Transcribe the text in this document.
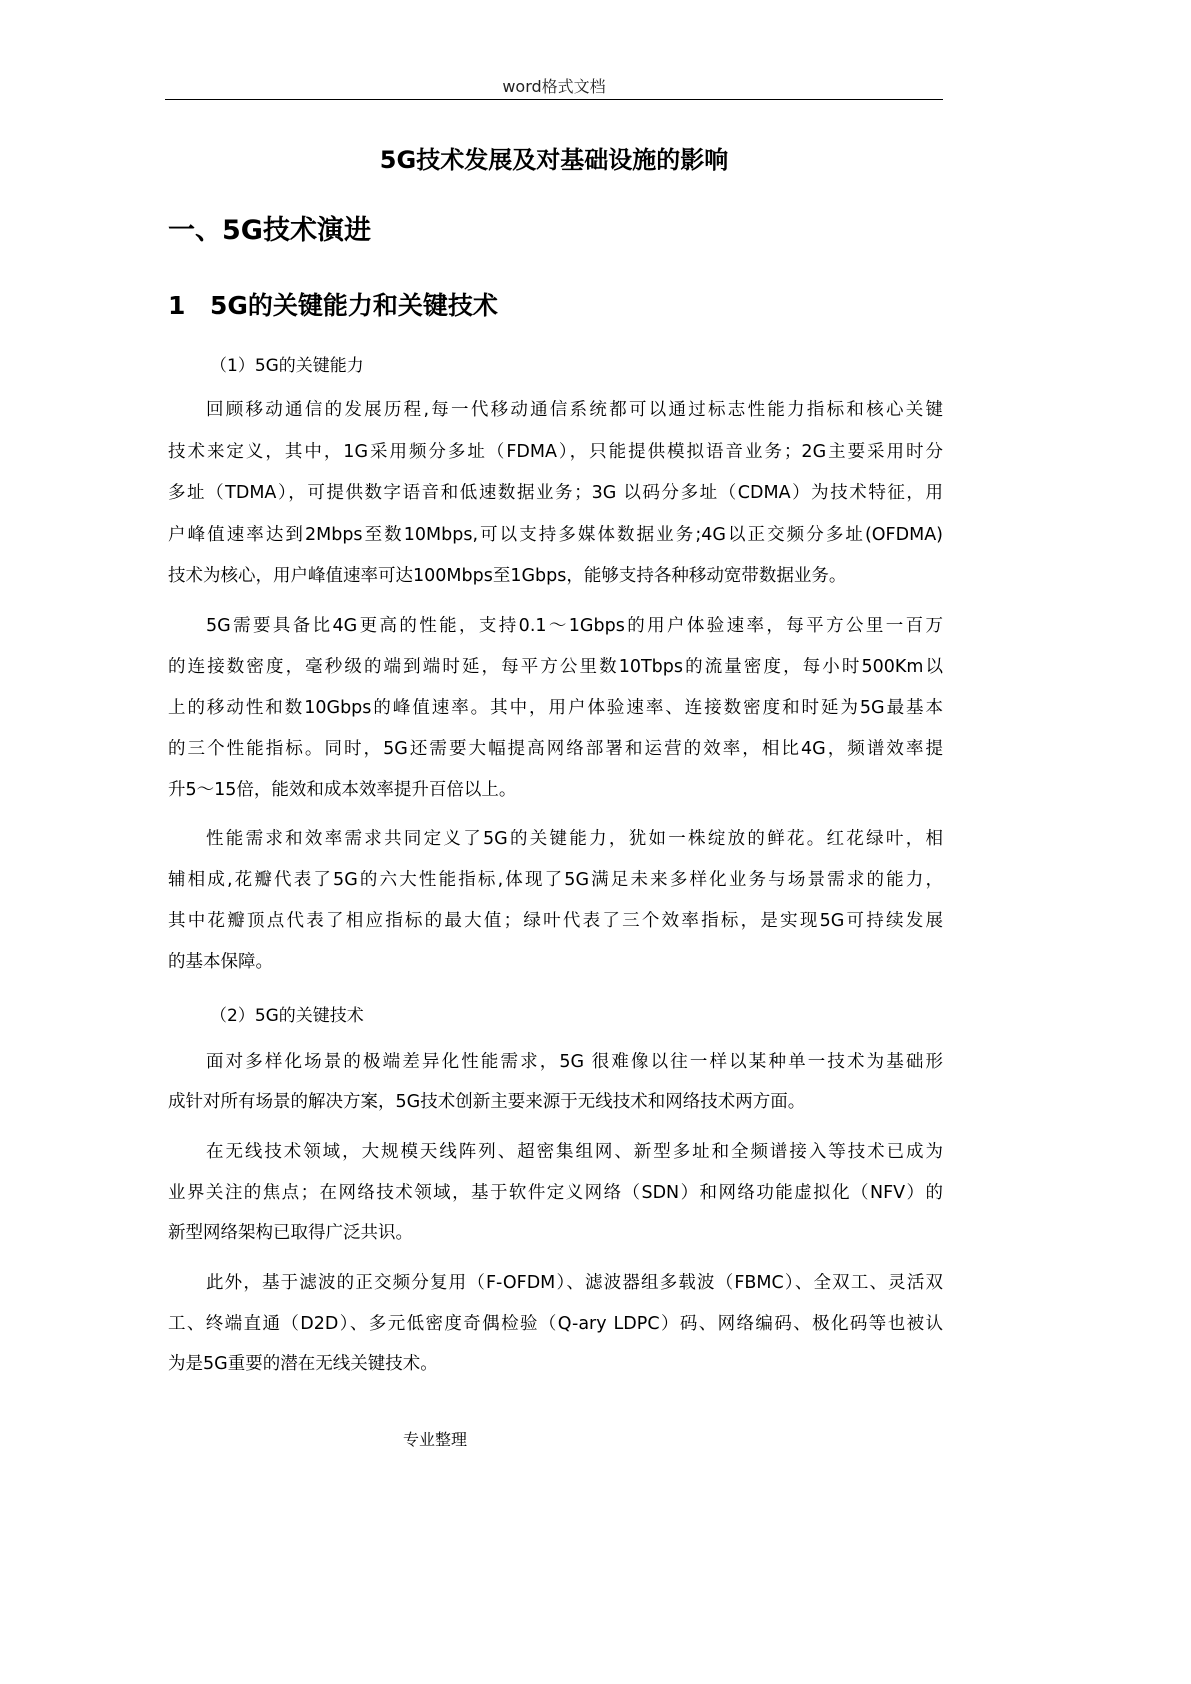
word格式文档
5G技术发展及对基础设施的影响
一、5G技术演进
1 5G的关键能力和关键技术
（1）5G的关键能力
（2）5G的关键技术
回顾移动通信的发展历程,每一代移动通信系统都可以通过标志性能力指标和核心关键
技术来定义，其中，1G采用频分多址（FDMA），只能提供模拟语音业务；2G主要采用时分
多址（TDMA），可提供数字语音和低速数据业务；3G 以码分多址（CDMA）为技术特征，用
户峰值速率达到2Mbps至数10Mbps,可以支持多媒体数据业务;4G以正交频分多址(OFDMA)
技术为核心，用户峰值速率可达100Mbps至1Gbps，能够支持各种移动宽带数据业务。
5G需要具备比4G更高的性能，支持0.1～1Gbps的用户体验速率，每平方公里一百万
的连接数密度，毫秒级的端到端时延，每平方公里数10Tbps的流量密度，每小时500Km以
上的移动性和数10Gbps的峰值速率。其中，用户体验速率、连接数密度和时延为5G最基本
的三个性能指标。同时，5G还需要大幅提高网络部署和运营的效率，相比4G，频谱效率提
升5～15倍，能效和成本效率提升百倍以上。
性能需求和效率需求共同定义了5G的关键能力，犹如一株绽放的鲜花。红花绿叶，相
辅相成,花瓣代表了5G的六大性能指标,体现了5G满足未来多样化业务与场景需求的能力，
其中花瓣顶点代表了相应指标的最大值；绿叶代表了三个效率指标，是实现5G可持续发展
的基本保障。
面对多样化场景的极端差异化性能需求，5G 很难像以往一样以某种单一技术为基础形
成针对所有场景的解决方案，5G技术创新主要来源于无线技术和网络技术两方面。
在无线技术领域，大规模天线阵列、超密集组网、新型多址和全频谱接入等技术已成为
业界关注的焦点；在网络技术领域，基于软件定义网络（SDN）和网络功能虚拟化（NFV）的
新型网络架构已取得广泛共识。
此外，基于滤波的正交频分复用（F-OFDM）、滤波器组多载波（FBMC）、全双工、灵活双
工、终端直通（D2D）、多元低密度奇偶检验（Q-ary LDPC）码、网络编码、极化码等也被认
为是5G重要的潜在无线关键技术。
专业整理
